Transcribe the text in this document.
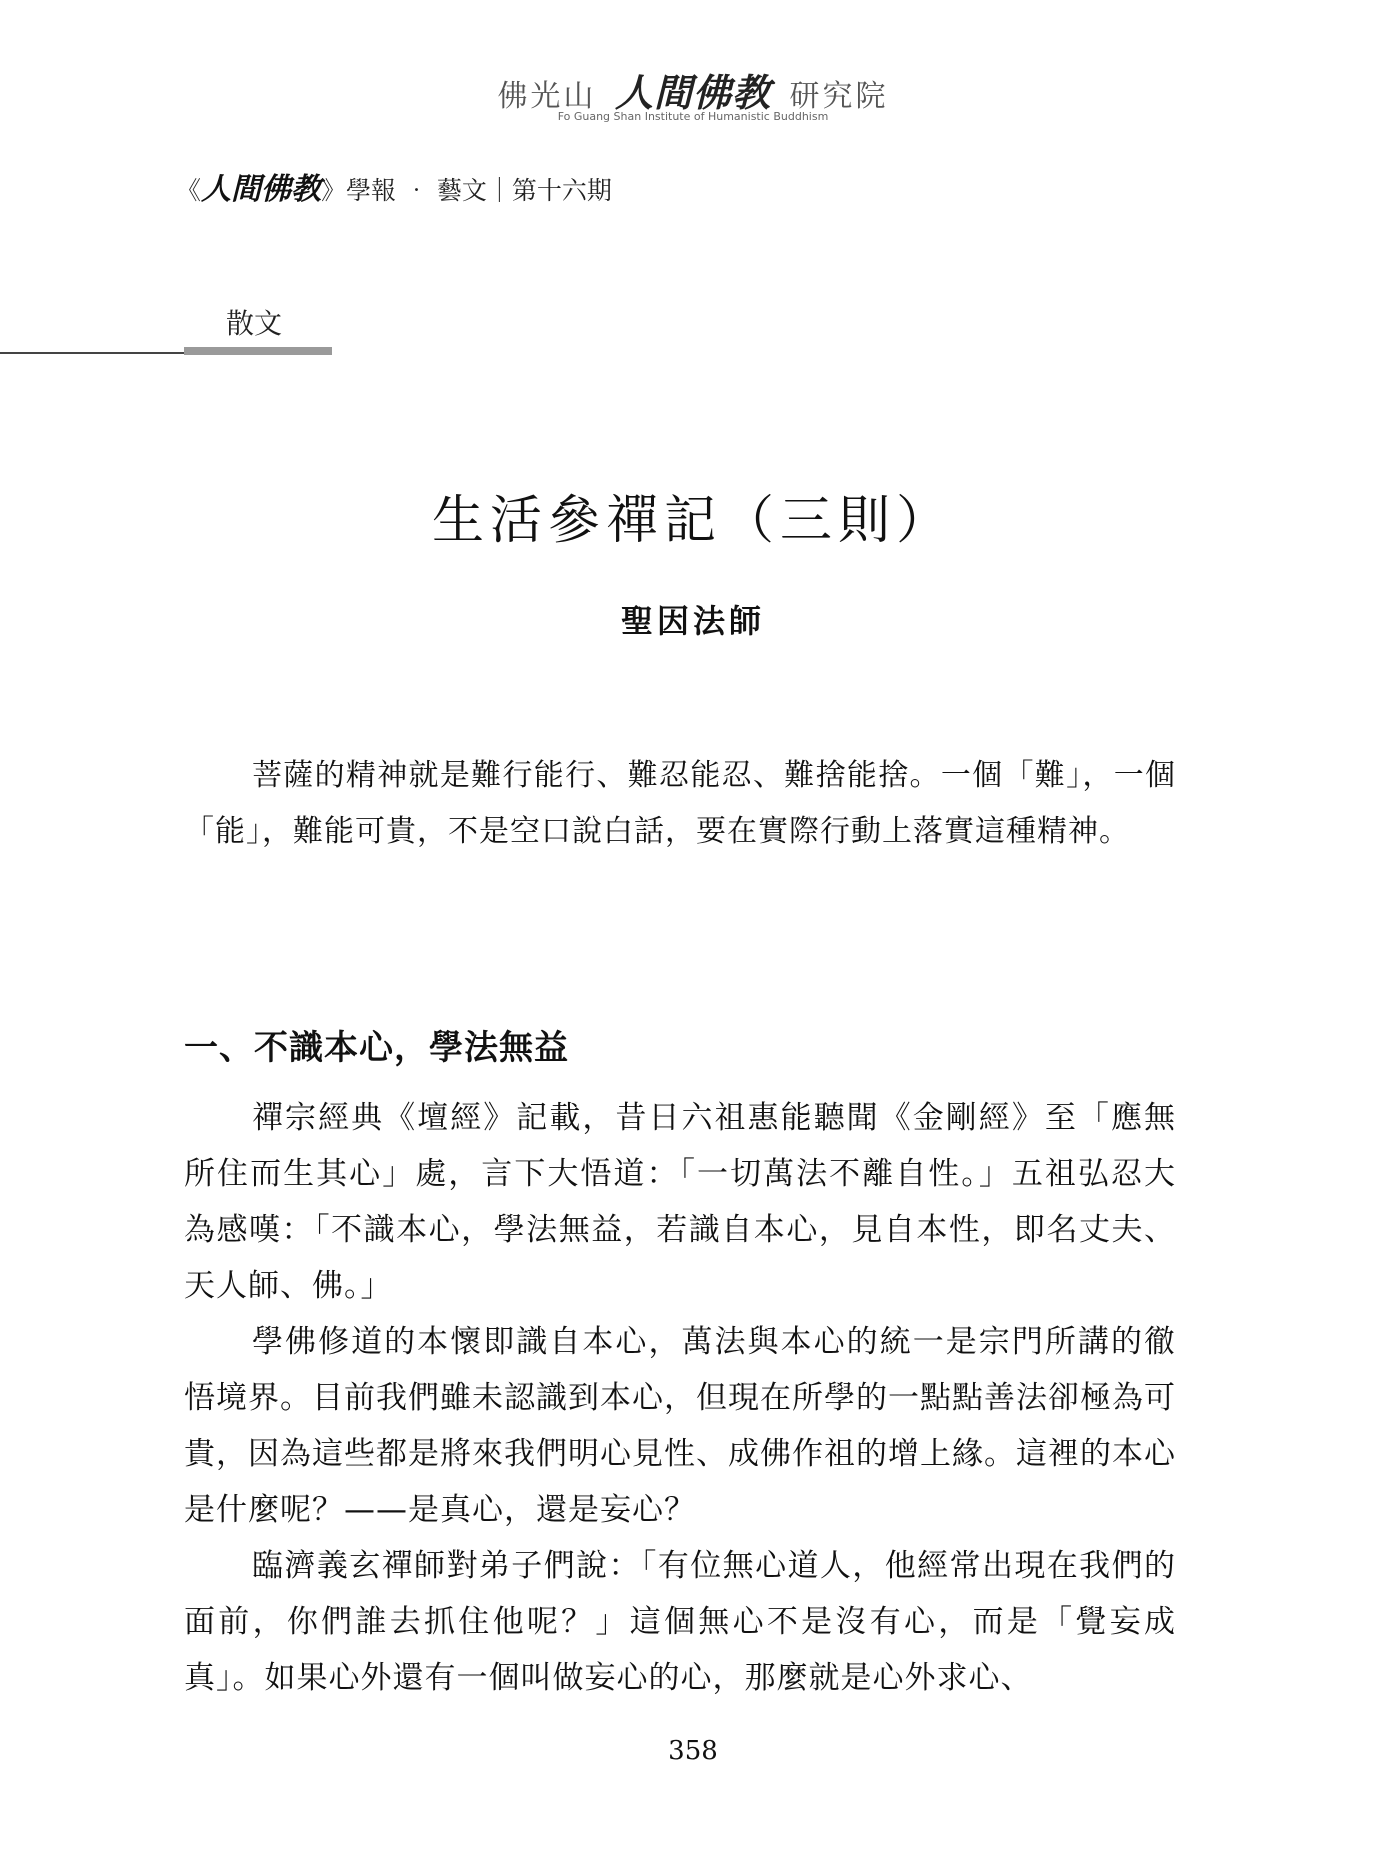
佛光山 人間佛教 研究院
Fo Guang Shan Institute of Humanistic Buddhism
《人間佛教》學報 ‧ 藝文｜第十六期
散文
生活參禪記（三則）
聖因法師

菩薩的精神就是難行能行、難忍能忍、難捨能捨。一個「難」，一個「能」，難能可貴，不是空口說白話，要在實際行動上落實這種精神。

一、不識本心，學法無益

禪宗經典《壇經》記載，昔日六祖惠能聽聞《金剛經》至「應無所住而生其心」處，言下大悟道：「一切萬法不離自性。」五祖弘忍大為感嘆：「不識本心，學法無益，若識自本心，見自本性，即名丈夫、天人師、佛。」

學佛修道的本懷即識自本心，萬法與本心的統一是宗門所講的徹悟境界。目前我們雖未認識到本心，但現在所學的一點點善法卻極為可貴，因為這些都是將來我們明心見性、成佛作祖的增上緣。這裡的本心是什麼呢？——是真心，還是妄心？

臨濟義玄禪師對弟子們說：「有位無心道人，他經常出現在我們的面前，你們誰去抓住他呢？」這個無心不是沒有心，而是「覺妄成真」。如果心外還有一個叫做妄心的心，那麼就是心外求心、

358
